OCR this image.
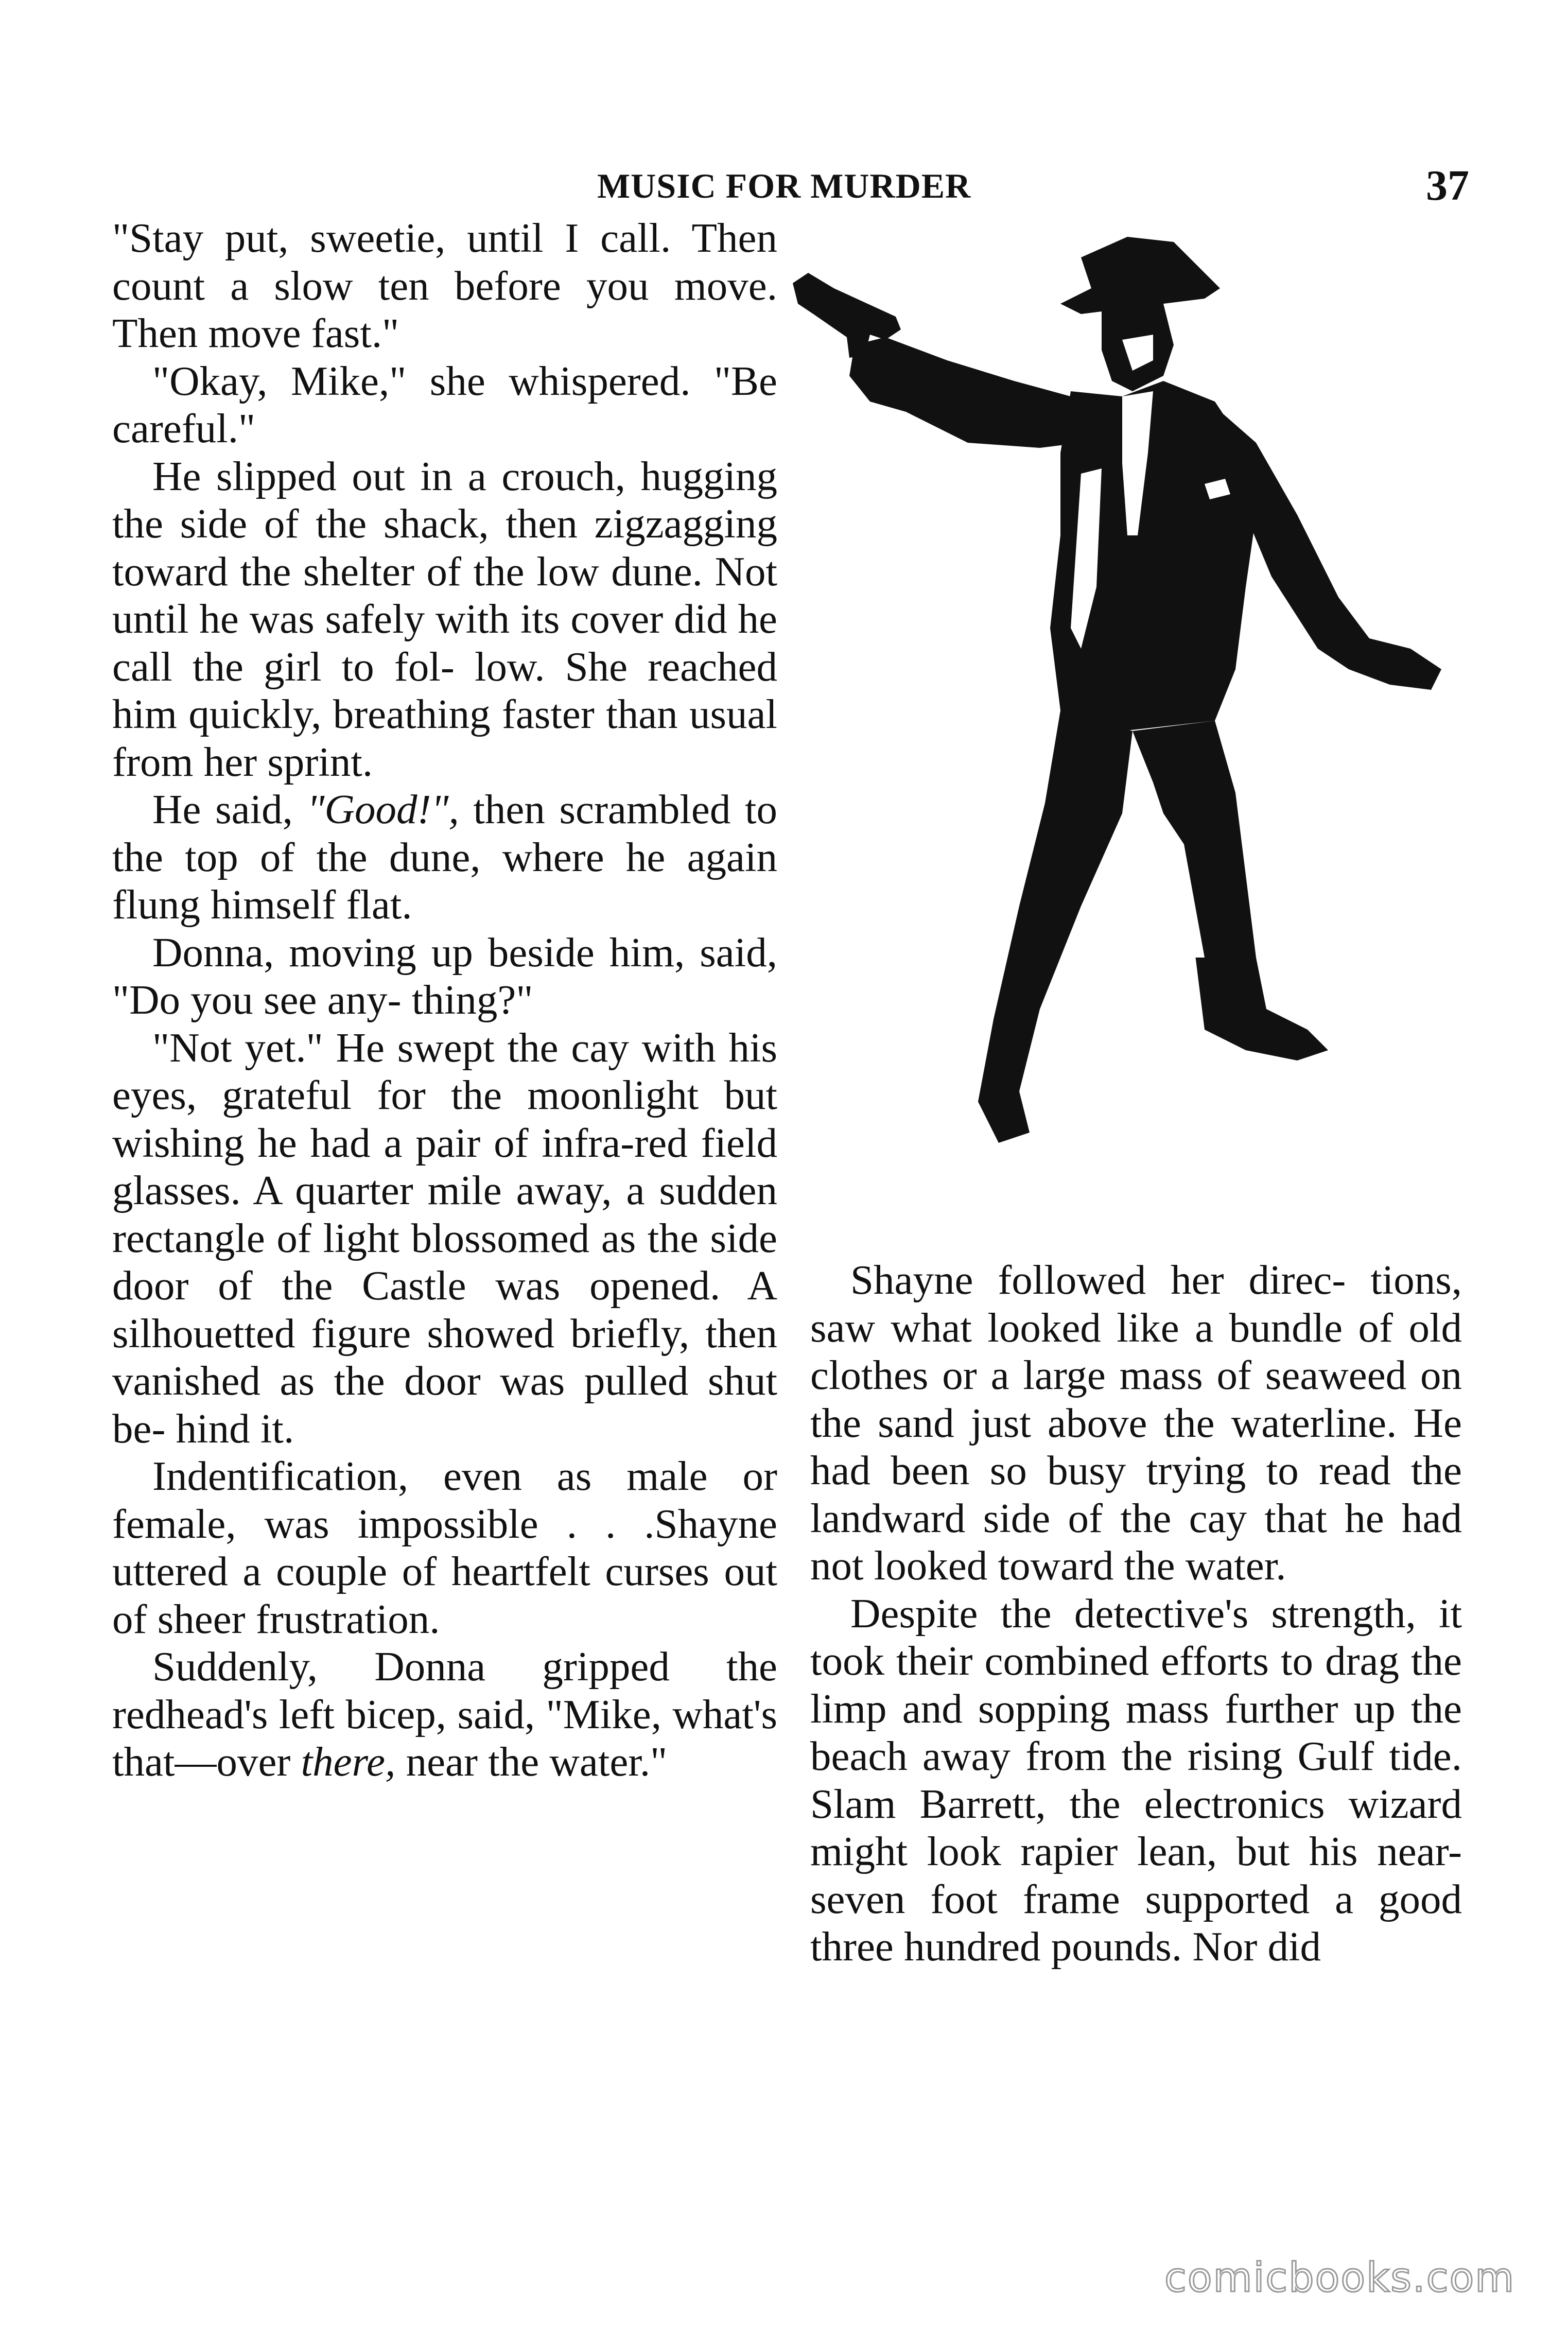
MUSIC FOR MURDER	37

"Stay put, sweetie, until I call. Then count a slow ten before you move. Then move fast."

"Okay, Mike," she whispered. "Be careful."

He slipped out in a crouch, hugging the side of the shack, then zigzagging toward the shelter of the low dune. Not until he was safely with its cover did he call the girl to fol- low. She reached him quickly, breathing faster than usual from her sprint.

He said, "Good!", then scrambled to the top of the dune, where he again flung himself flat.

Donna, moving up beside him, said, "Do you see any- thing?"

"Not yet." He swept the cay with his eyes, grateful for the moonlight but wishing he had a pair of infra-red field glasses. A quarter mile away, a sudden rectangle of light blossomed as the side door of the Castle was opened. A silhouetted figure showed briefly, then vanished as the door was pulled shut be- hind it.

Indentification, even as male or female, was impossible . . .Shayne uttered a couple of heartfelt curses out of sheer frustration.

Suddenly, Donna gripped the redhead's left bicep, said, "Mike, what's that—over there, near the water."

Shayne followed her direc- tions, saw what looked like a bundle of old clothes or a large mass of seaweed on the sand just above the waterline. He had been so busy trying to read the landward side of the cay that he had not looked toward the water.

Despite the detective's strength, it took their combined efforts to drag the limp and sopping mass further up the beach away from the rising Gulf tide. Slam Barrett, the electronics wizard might look rapier lean, but his near-seven foot frame supported a good three hundred pounds. Nor did

comicbooks.com
